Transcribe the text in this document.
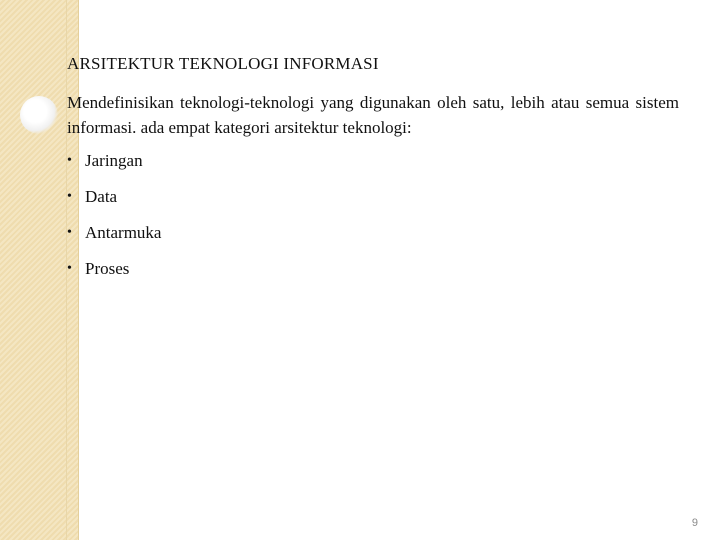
ARSITEKTUR TEKNOLOGI INFORMASI
Mendefinisikan teknologi-teknologi yang digunakan oleh satu, lebih atau semua sistem informasi. ada empat kategori arsitektur teknologi:
• Jaringan
• Data
• Antarmuka
• Proses
9
